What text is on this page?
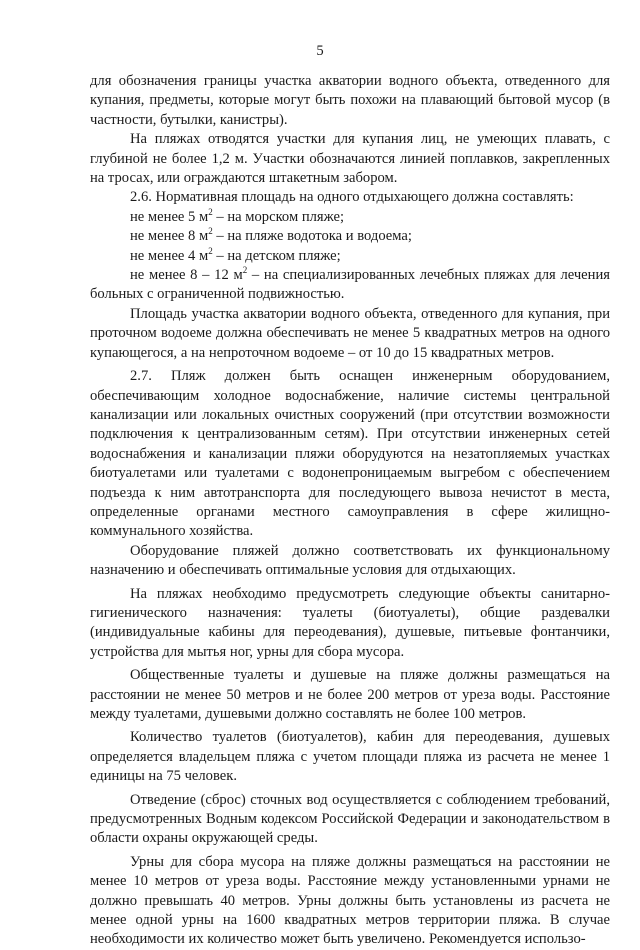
5

для обозначения границы участка акватории водного объекта, отведенного для купания, предметы, которые могут быть похожи на плавающий бытовой мусор (в частности, бутылки, канистры).

На пляжах отводятся участки для купания лиц, не умеющих плавать, с глубиной не более 1,2 м. Участки обозначаются линией поплавков, закрепленных на тросах, или ограждаются штакетным забором.

2.6. Нормативная площадь на одного отдыхающего должна составлять:

не менее 5 $м^2$ – на морском пляже;

не менее 8 $м^2$ – на пляже водотока и водоема;

не менее 4 $м^2$ – на детском пляже;

не менее 8 – 12 $м^2$ – на специализированных лечебных пляжах для лечения больных с ограниченной подвижностью.

Площадь участка акватории водного объекта, отведенного для купания, при проточном водоеме должна обеспечивать не менее 5 квадратных метров на одного купающегося, а на непроточном водоеме – от 10 до 15 квадратных метров.

2.7. Пляж должен быть оснащен инженерным оборудованием, обеспечивающим холодное водоснабжение, наличие системы центральной канализации или локальных очистных сооружений (при отсутствии возможности подключения к централизованным сетям). При отсутствии инженерных сетей водоснабжения и канализации пляжи оборудуются на незатопляемых участках биотуалетами или туалетами с водонепроницаемым выгребом с обеспечением подъезда к ним автотранспорта для последующего вывоза нечистот в места, определенные органами местного самоуправления в сфере жилищно-коммунального хозяйства.

Оборудование пляжей должно соответствовать их функциональному назначению и обеспечивать оптимальные условия для отдыхающих.

На пляжах необходимо предусмотреть следующие объекты санитарно-гигиенического назначения: туалеты (биотуалеты), общие раздевалки (индивидуальные кабины для переодевания), душевые, питьевые фонтанчики, устройства для мытья ног, урны для сбора мусора.

Общественные туалеты и душевые на пляже должны размещаться на расстоянии не менее 50 метров и не более 200 метров от уреза воды. Расстояние между туалетами, душевыми должно составлять не более 100 метров.

Количество туалетов (биотуалетов), кабин для переодевания, душевых определяется владельцем пляжа с учетом площади пляжа из расчета не менее 1 единицы на 75 человек.

Отведение (сброс) сточных вод осуществляется с соблюдением требований, предусмотренных Водным кодексом Российской Федерации и законодательством в области охраны окружающей среды.

Урны для сбора мусора на пляже должны размещаться на расстоянии не менее 10 метров от уреза воды. Расстояние между установленными урнами не должно превышать 40 метров. Урны должны быть установлены из расчета не менее одной урны на 1600 квадратных метров территории пляжа. В случае необходимости их количество может быть увеличено. Рекомендуется использо-
